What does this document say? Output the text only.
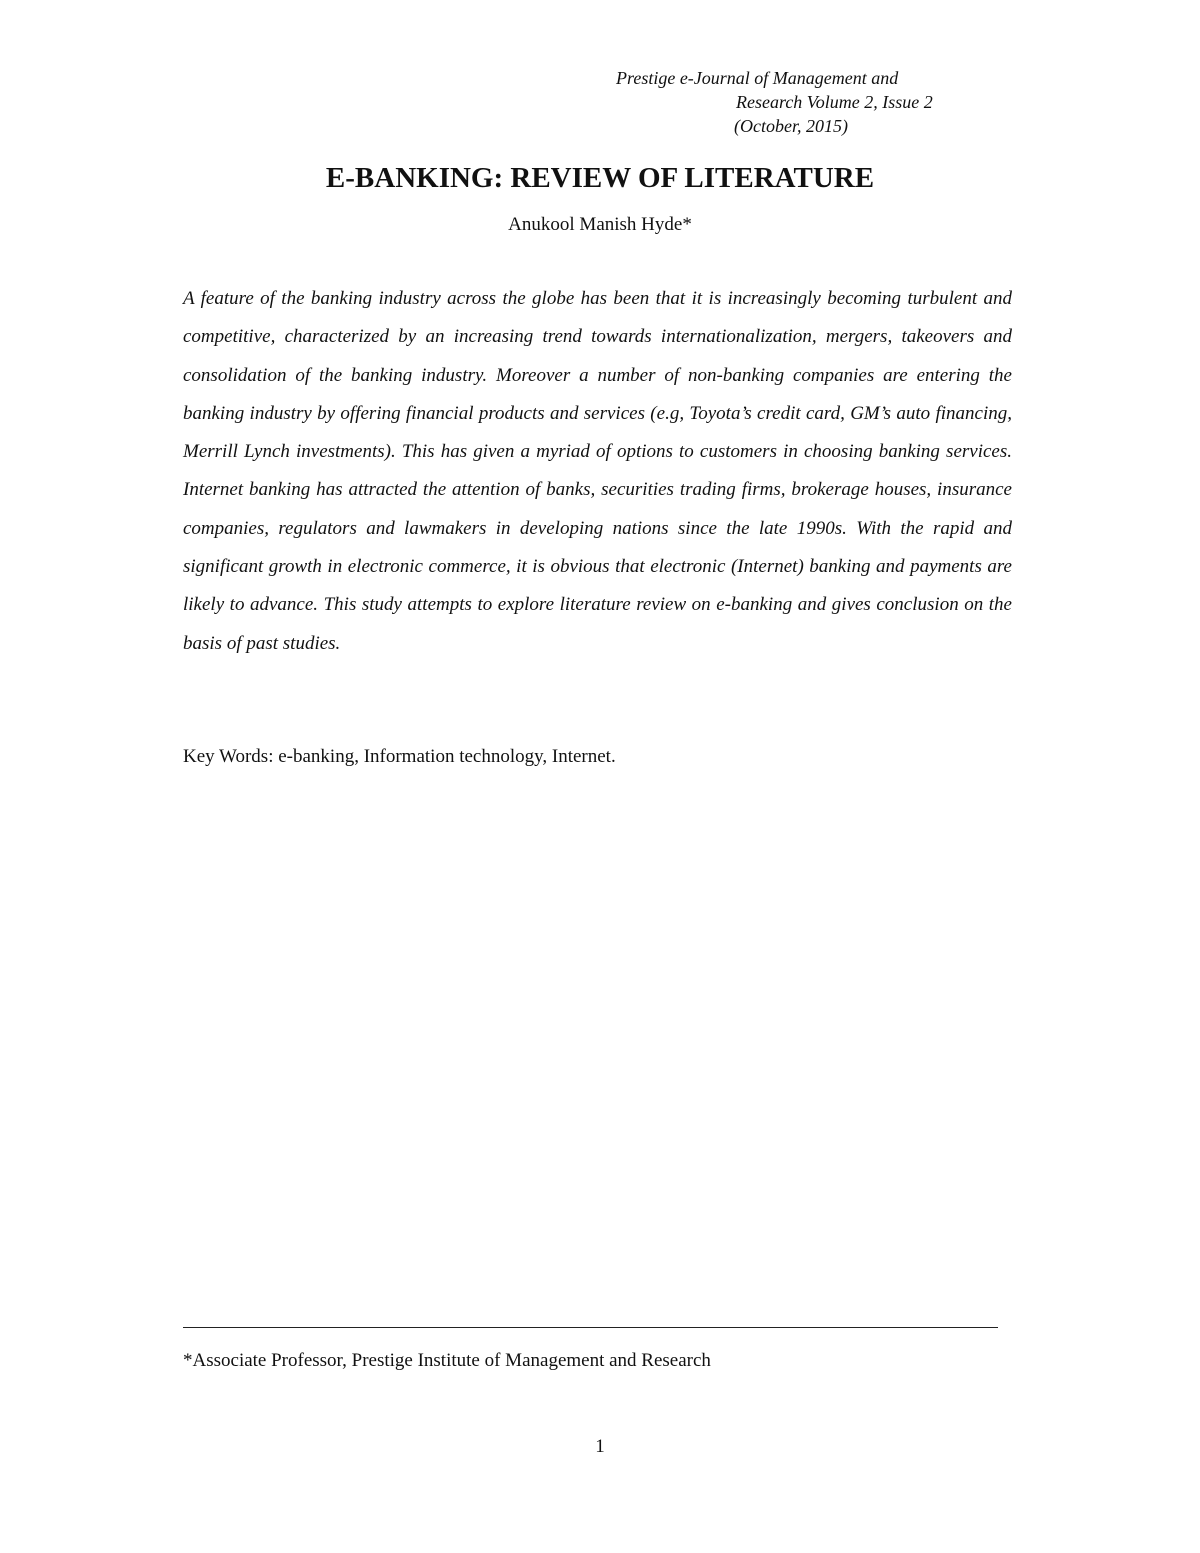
Prestige e-Journal of Management and
Research Volume 2, Issue 2
(October, 2015)
E-BANKING: REVIEW OF LITERATURE
Anukool Manish Hyde*

A feature of the banking industry across the globe has been that it is increasingly becoming turbulent and competitive, characterized by an increasing trend towards internationalization, mergers, takeovers and consolidation of the banking industry. Moreover a number of non-banking companies are entering the banking industry by offering financial products and services (e.g, Toyota’s credit card, GM’s auto financing, Merrill Lynch investments). This has given a myriad of options to customers in choosing banking services. Internet banking has attracted the attention of banks, securities trading firms, brokerage houses, insurance companies, regulators and lawmakers in developing nations since the late 1990s. With the rapid and significant growth in electronic commerce, it is obvious that electronic (Internet) banking and payments are likely to advance. This study attempts to explore literature review on e-banking and gives conclusion on the basis of past studies.

Key Words: e-banking, Information technology, Internet.
*Associate Professor, Prestige Institute of Management and Research
1
